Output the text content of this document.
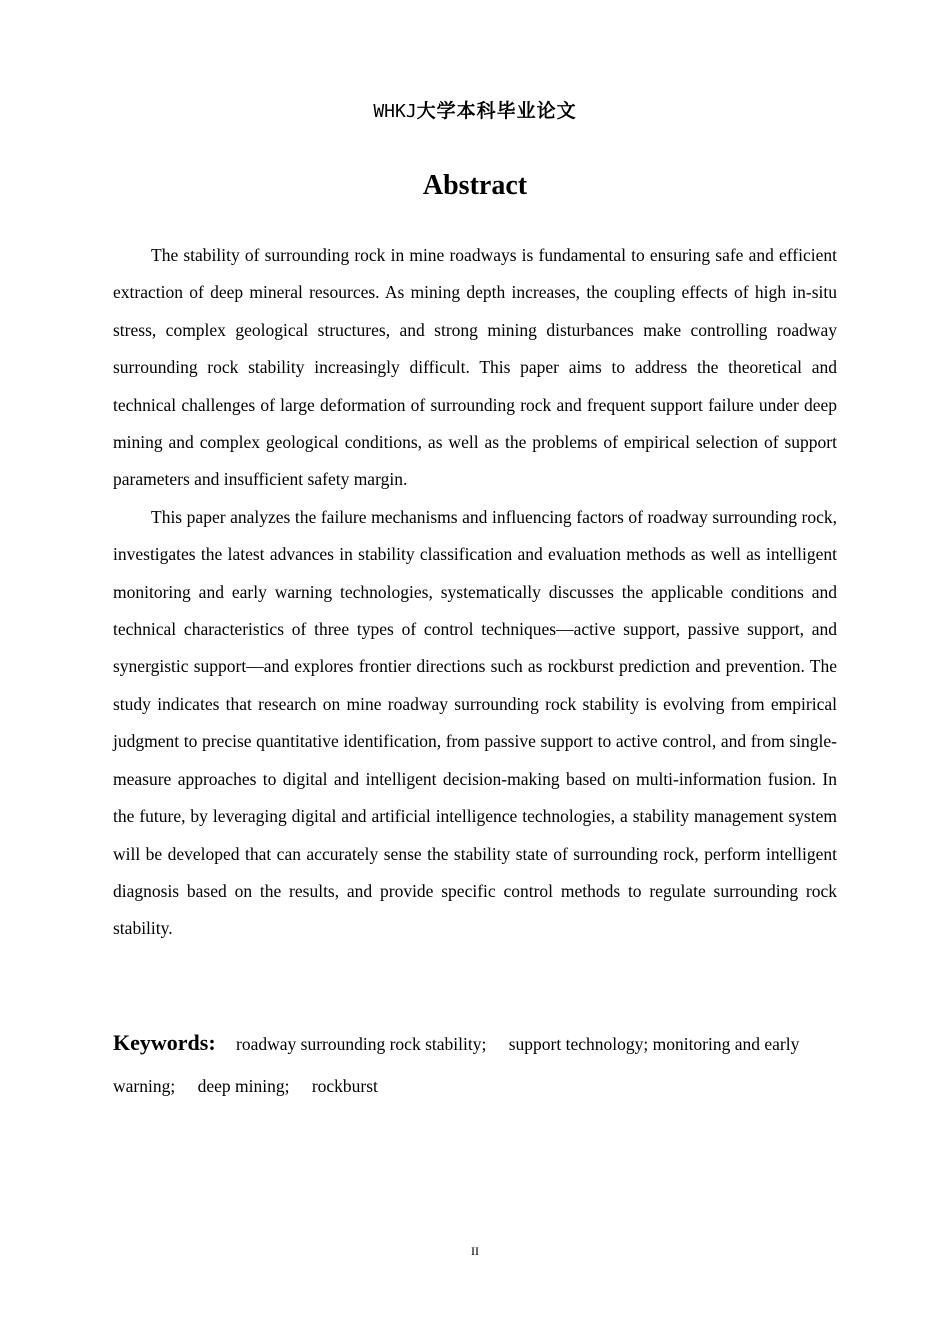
WHKJ大学本科毕业论文
Abstract

The stability of surrounding rock in mine roadways is fundamental to ensuring safe and efficient extraction of deep mineral resources. As mining depth increases, the coupling effects of high in-situ stress, complex geological structures, and strong mining disturbances make controlling roadway surrounding rock stability increasingly difficult. This paper aims to address the theoretical and technical challenges of large deformation of surrounding rock and frequent support failure under deep mining and complex geological conditions, as well as the problems of empirical selection of support parameters and insufficient safety margin.

This paper analyzes the failure mechanisms and influencing factors of roadway surrounding rock, investigates the latest advances in stability classification and evaluation methods as well as intelligent monitoring and early warning technologies, systematically discusses the applicable conditions and technical characteristics of three types of control techniques—active support, passive support, and synergistic support—and explores frontier directions such as rockburst prediction and prevention. The study indicates that research on mine roadway surrounding rock stability is evolving from empirical judgment to precise quantitative identification, from passive support to active control, and from single-measure approaches to digital and intelligent decision-making based on multi-information fusion. In the future, by leveraging digital and artificial intelligence technologies, a stability management system will be developed that can accurately sense the stability state of surrounding rock, perform intelligent diagnosis based on the results, and provide specific control methods to regulate surrounding rock stability.

Keywords: roadway surrounding rock stability; support technology; monitoring and early warning; deep mining; rockburst
II
